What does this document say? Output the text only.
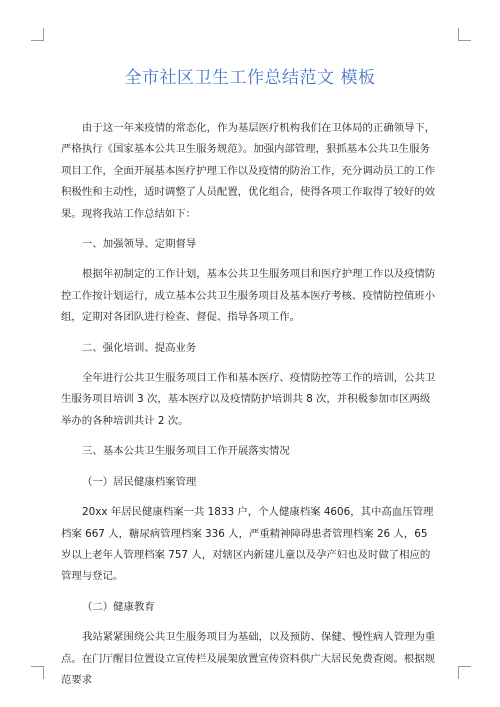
全市社区卫生工作总结范文 模板

由于这一年来疫情的常态化，作为基层医疗机构我们在卫体局的正确领导下，严格执行《国家基本公共卫生服务规范》。加强内部管理，狠抓基本公共卫生服务项目工作，全面开展基本医疗护理工作以及疫情的防治工作，充分调动员工的工作积极性和主动性，适时调整了人员配置，优化组合，使得各项工作取得了较好的效果。现将我站工作总结如下：

一、加强领导、定期督导

根据年初制定的工作计划，基本公共卫生服务项目和医疗护理工作以及疫情防控工作按计划运行，成立基本公共卫生服务项目及基本医疗考核、疫情防控值班小组，定期对各团队进行检查、督促、指导各项工作。

二、强化培训、提高业务

全年进行公共卫生服务项目工作和基本医疗、疫情防控等工作的培训，公共卫生服务项目培训 3 次，基本医疗以及疫情防护培训共 8 次，并积极参加市区两级举办的各种培训共计 2 次。

三、基本公共卫生服务项目工作开展落实情况

（一）居民健康档案管理

20xx 年居民健康档案一共 1833 户，个人健康档案 4606，其中高血压管理档案 667 人，糖尿病管理档案 336 人，严重精神障碍患者管理档案 26 人，65 岁以上老年人管理档案 757 人，对辖区内新建儿童以及孕产妇也及时做了相应的管理与登记。

（二）健康教育

我站紧紧围绕公共卫生服务项目为基础，以及预防、保健、慢性病人管理为重点。在门厅醒目位置设立宣传栏及展架放置宣传资料供广大居民免费查阅。根据规范要求
